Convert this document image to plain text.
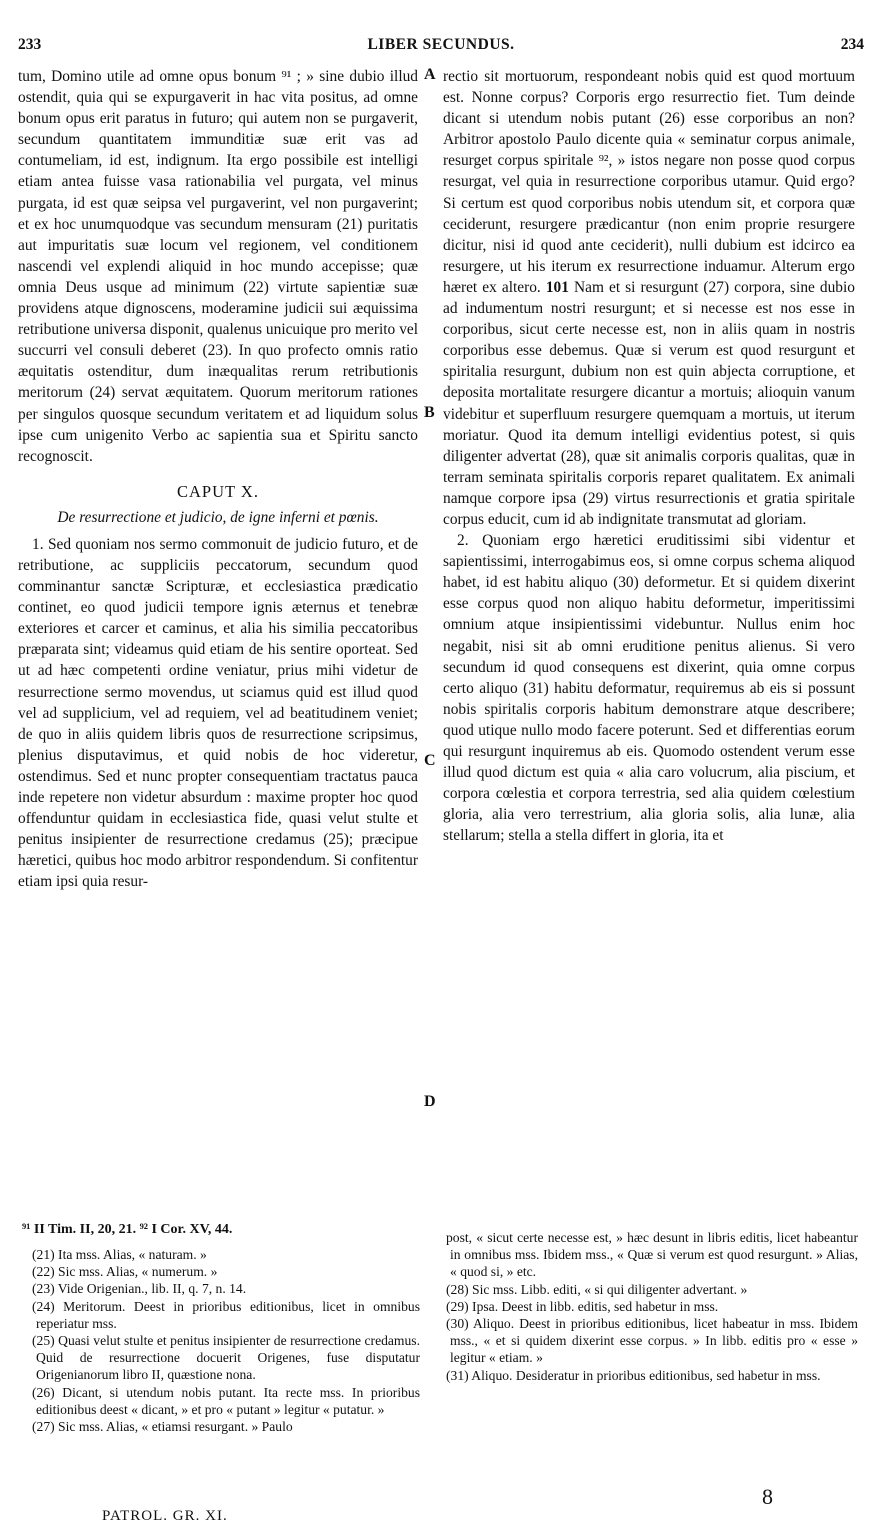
233	LIBER SECUNDUS.	234

tum, Domino utile ad omne opus bonum ⁹¹ ; » sine dubio illud ostendit, quia qui se expurgaverit in hac vita positus, ad omne bonum opus erit paratus in futuro; qui autem non se purgaverit, secundum quantitatem immunditiæ suæ erit vas ad contumeliam, id est, indignum. Ita ergo possibile est intelligi etiam antea fuisse vasa rationabilia vel purgata, vel minus purgata, id est quæ seipsa vel purgaverint, vel non purgaverint; et ex hoc unumquodque vas secundum mensuram (21) puritatis aut impuritatis suæ locum vel regionem, vel conditionem nascendi vel explendi aliquid in hoc mundo accepisse; quæ omnia Deus usque ad minimum (22) virtute sapientiæ suæ providens atque dignoscens, moderamine judicii sui æquissima retributione universa disponit, qualenus unicuique pro merito vel succurri vel consuli deberet (23). In quo profecto omnis ratio æquitatis ostenditur, dum inæqualitas rerum retributionis meritorum (24) servat æquitatem. Quorum meritorum rationes per singulos quosque secundum veritatem et ad liquidum solus ipse cum unigenito Verbo ac sapientia sua et Spiritu sancto recognoscit.

CAPUT X.

De resurrectione et judicio, de igne inferni et pœnis.

1. Sed quoniam nos sermo commonuit de judicio futuro, et de retributione, ac suppliciis peccatorum, secundum quod comminantur sanctæ Scripturæ, et ecclesiastica prædicatio continet, eo quod judicii tempore ignis æternus et tenebræ exteriores et carcer et caminus, et alia his similia peccatoribus præparata sint; videamus quid etiam de his sentire oporteat. Sed ut ad hæc competenti ordine veniatur, prius mihi videtur de resurrectione sermo movendus, ut sciamus quid est illud quod vel ad supplicium, vel ad requiem, vel ad beatitudinem veniet; de quo in aliis quidem libris quos de resurrectione scripsimus, plenius disputavimus, et quid nobis de hoc videretur, ostendimus. Sed et nunc propter consequentiam tractatus pauca inde repetere non videtur absurdum : maxime propter hoc quod offenduntur quidam in ecclesiastica fide, quasi velut stulte et penitus insipienter de resurrectione credamus (25); præcipue hæretici, quibus hoc modo arbitror respondendum. Si confitentur etiam ipsi quia resur-

rectio sit mortuorum, respondeant nobis quid est quod mortuum est. Nonne corpus? Corporis ergo resurrectio fiet. Tum deinde dicant si utendum nobis putant (26) esse corporibus an non? Arbitror apostolo Paulo dicente quia « seminatur corpus animale, resurget corpus spiritale ⁹², » istos negare non posse quod corpus resurgat, vel quia in resurrectione corporibus utamur. Quid ergo? Si certum est quod corporibus nobis utendum sit, et corpora quæ ceciderunt, resurgere prædicantur (non enim proprie resurgere dicitur, nisi id quod ante ceciderit), nulli dubium est idcirco ea resurgere, ut his iterum ex resurrectione induamur. Alterum ergo hæret ex altero. 101 Nam et si resurgunt (27) corpora, sine dubio ad indumentum nostri resurgunt; et si necesse est nos esse in corporibus, sicut certe necesse est, non in aliis quam in nostris corporibus esse debemus. Quæ si verum est quod resurgunt et spiritalia resurgunt, dubium non est quin abjecta corruptione, et deposita mortalitate resurgere dicantur a mortuis; alioquin vanum videbitur et superfluum resurgere quemquam a mortuis, ut iterum moriatur. Quod ita demum intelligi evidentius potest, si quis diligenter advertat (28), quæ sit animalis corporis qualitas, quæ in terram seminata spiritalis corporis reparet qualitatem. Ex animali namque corpore ipsa (29) virtus resurrectionis et gratia spiritale corpus educit, cum id ab indignitate transmutat ad gloriam.

2. Quoniam ergo hæretici eruditissimi sibi videntur et sapientissimi, interrogabimus eos, si omne corpus schema aliquod habet, id est habitu aliquo (30) deformetur. Et si quidem dixerint esse corpus quod non aliquo habitu deformetur, imperitissimi omnium atque insipientissimi videbuntur. Nullus enim hoc negabit, nisi sit ab omni eruditione penitus alienus. Si vero secundum id quod consequens est dixerint, quia omne corpus certo aliquo (31) habitu deformatur, requiremus ab eis si possunt nobis spiritalis corporis habitum demonstrare atque describere; quod utique nullo modo facere poterunt. Sed et differentias eorum qui resurgunt inquiremus ab eis. Quomodo ostendent verum esse illud quod dictum est quia « alia caro volucrum, alia piscium, et corpora cœlestia et corpora terrestria, sed alia quidem cœlestium gloria, alia vero terrestrium, alia gloria solis, alia lunæ, alia stellarum; stella a stella differt in gloria, ita et

A
B
C
D
⁹¹ II Tim. II, 20, 21. ⁹² I Cor. XV, 44.

(21) Ita mss. Alias, « naturam. »

(22) Sic mss. Alias, « numerum. »

(23) Vide Origenian., lib. II, q. 7, n. 14.

(24) Meritorum. Deest in prioribus editionibus, licet in omnibus reperiatur mss.

(25) Quasi velut stulte et penitus insipienter de resurrectione credamus. Quid de resurrectione docuerit Origenes, fuse disputatur Origenianorum libro II, quæstione nona.

(26) Dicant, si utendum nobis putant. Ita recte mss. In prioribus editionibus deest « dicant, » et pro « putant » legitur « putatur. »

(27) Sic mss. Alias, « etiamsi resurgant. » Paulo

post, « sicut certe necesse est, » hæc desunt in libris editis, licet habeantur in omnibus mss. Ibidem mss., « Quæ si verum est quod resurgunt. » Alias, « quod si, » etc.

(28) Sic mss. Libb. editi, « si qui diligenter advertant. »

(29) Ipsa. Deest in libb. editis, sed habetur in mss.

(30) Aliquo. Deest in prioribus editionibus, licet habeatur in mss. Ibidem mss., « et si quidem dixerint esse corpus. » In libb. editis pro « esse » legitur « etiam. »

(31) Aliquo. Desideratur in prioribus editionibus, sed habetur in mss.

PATROL. GR. XI.
8
